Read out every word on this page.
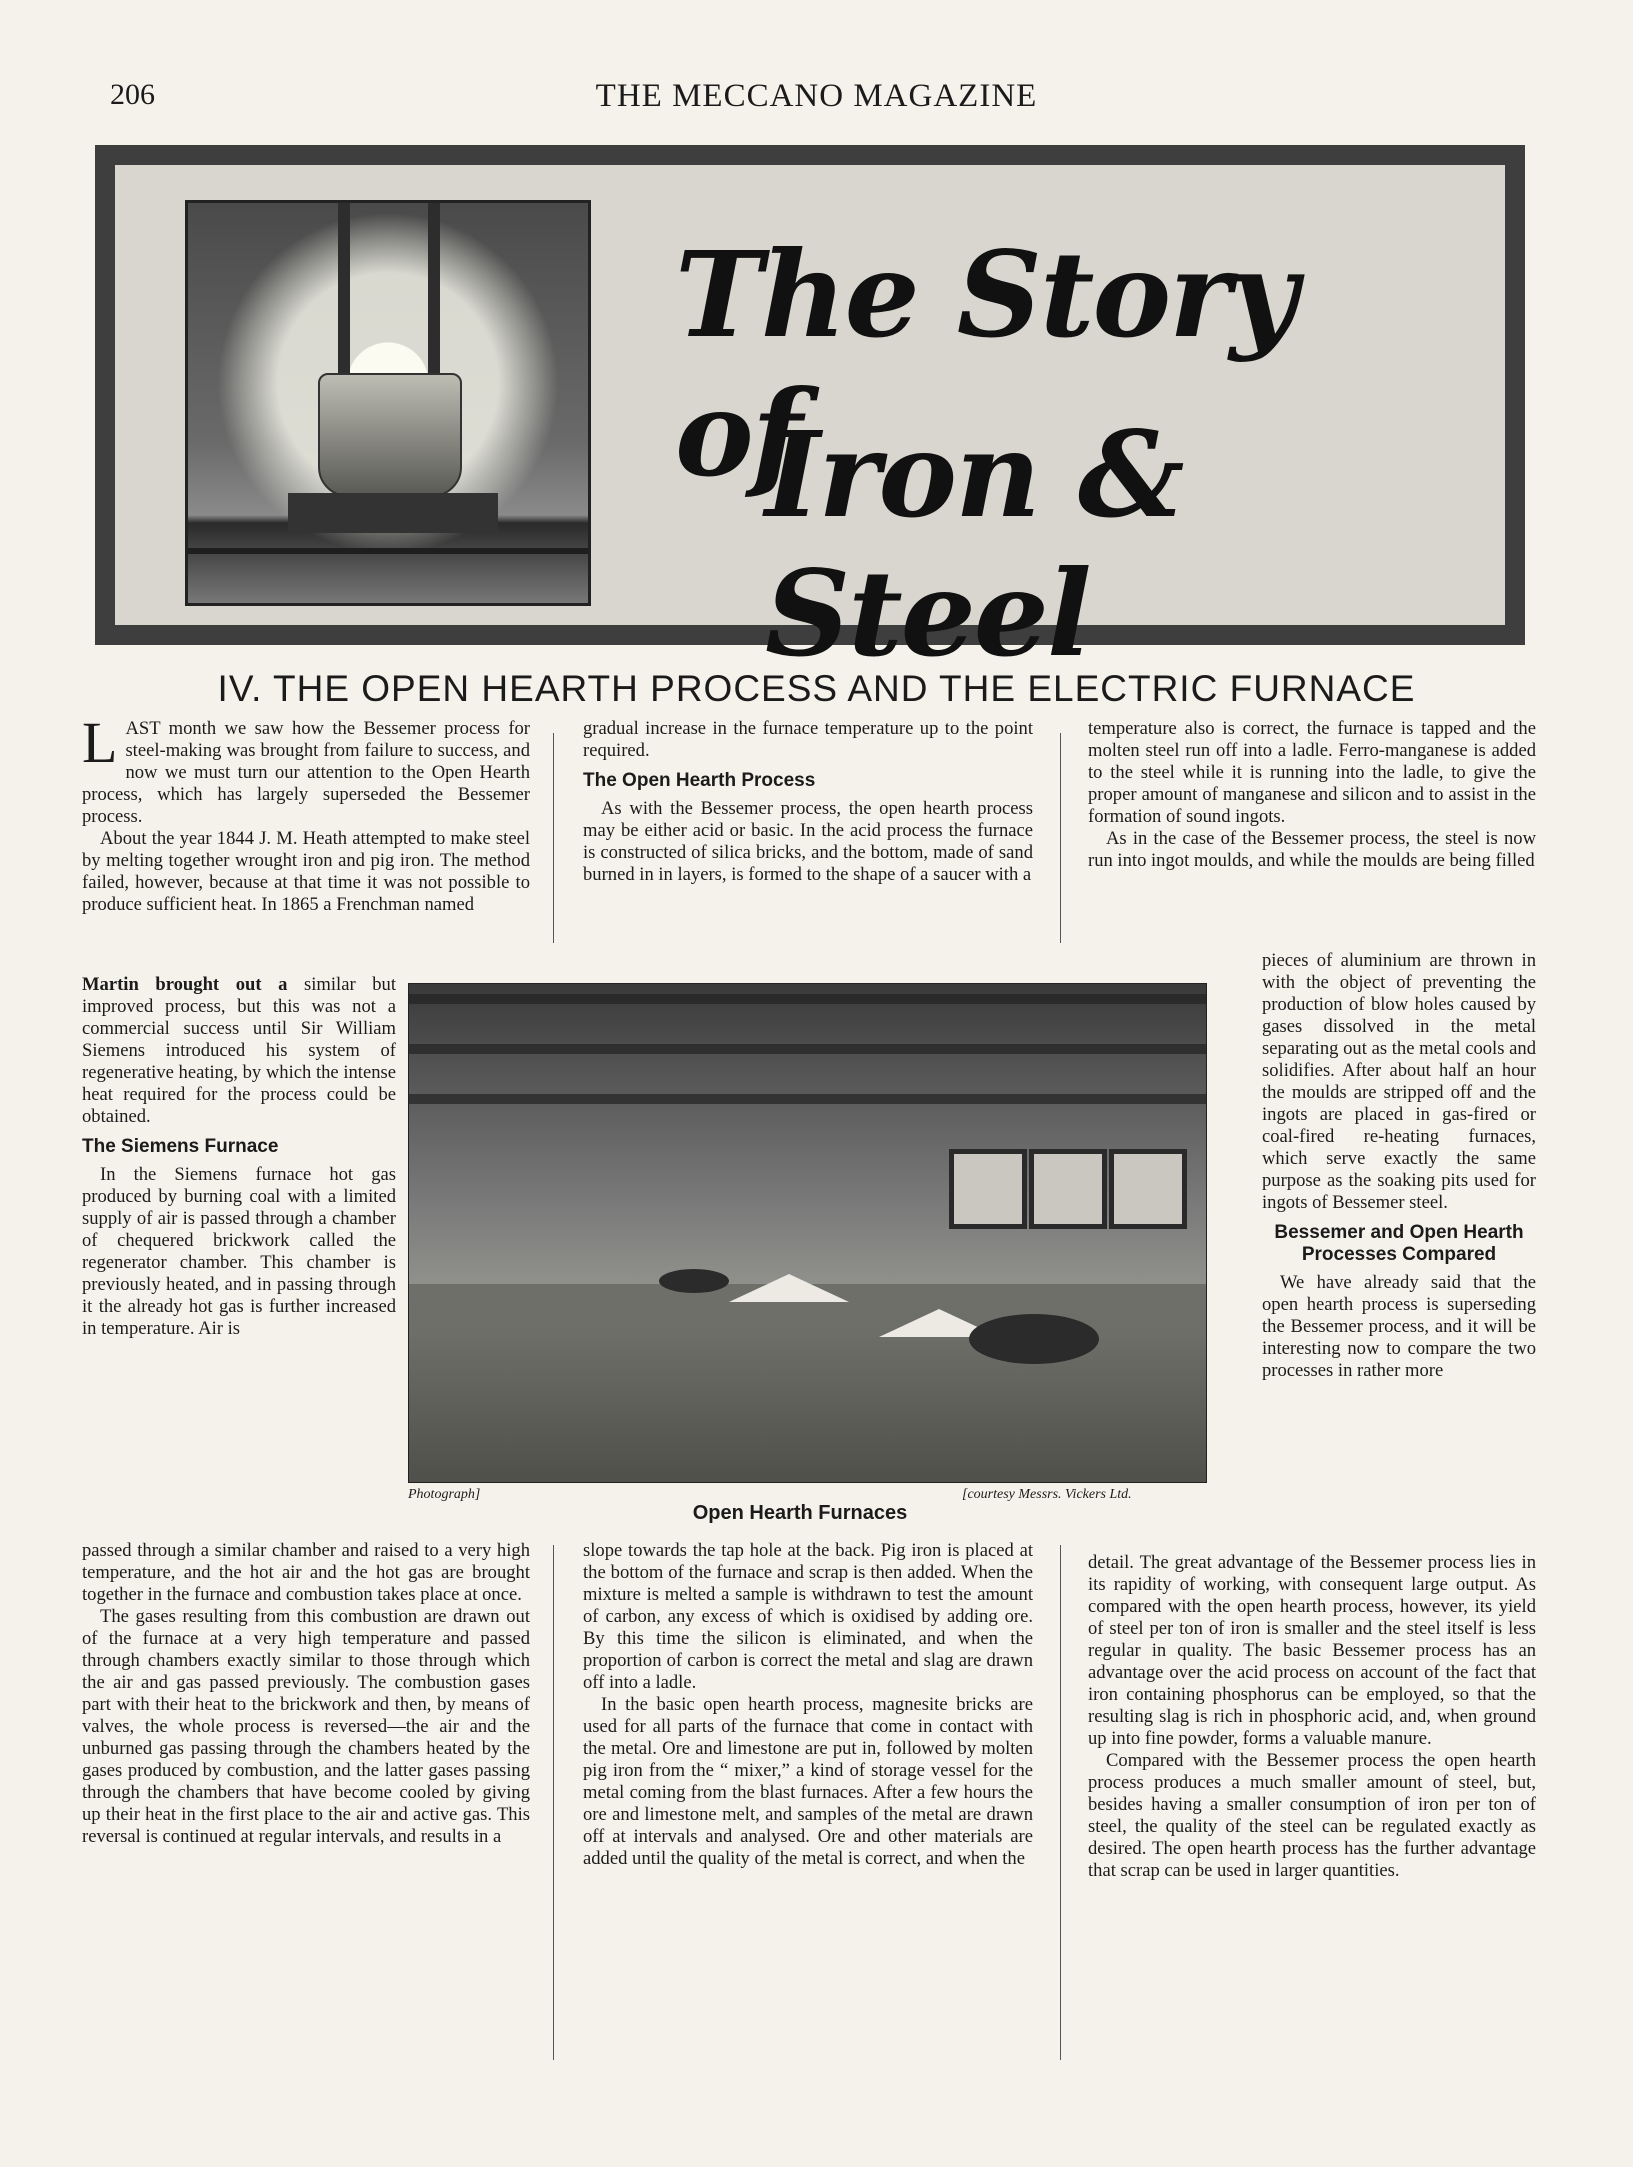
206	THE MECCANO MAGAZINE
The Story of
Iron & Steel
IV. THE OPEN HEARTH PROCESS AND THE ELECTRIC FURNACE

LAST month we saw how the Bessemer process for steel-making was brought from failure to success, and now we must turn our attention to the Open Hearth process, which has largely superseded the Bessemer process.

About the year 1844 J. M. Heath attempted to make steel by melting together wrought iron and pig iron. The method failed, however, because at that time it was not possible to produce sufficient heat. In 1865 a Frenchman named

Martin brought out a similar but improved process, but this was not a commercial success until Sir William Siemens introduced his system of regenerative heating, by which the intense heat required for the process could be obtained.

The Siemens Furnace

In the Siemens furnace hot gas produced by burning coal with a limited supply of air is passed through a chamber of chequered brickwork called the regenerator chamber. This chamber is previously heated, and in passing through it the already hot gas is further increased in temperature. Air is

passed through a similar chamber and raised to a very high temperature, and the hot air and the hot gas are brought together in the furnace and combustion takes place at once.

The gases resulting from this combustion are drawn out of the furnace at a very high temperature and passed through chambers exactly similar to those through which the air and gas passed previously. The combustion gases part with their heat to the brickwork and then, by means of valves, the whole process is reversed—the air and the unburned gas passing through the chambers heated by the gases produced by combustion, and the latter gases passing through the chambers that have become cooled by giving up their heat in the first place to the air and active gas. This reversal is continued at regular intervals, and results in a

gradual increase in the furnace temperature up to the point required.

The Open Hearth Process

As with the Bessemer process, the open hearth process may be either acid or basic. In the acid process the furnace is constructed of silica bricks, and the bottom, made of sand burned in in layers, is formed to the shape of a saucer with a

slope towards the tap hole at the back. Pig iron is placed at the bottom of the furnace and scrap is then added. When the mixture is melted a sample is withdrawn to test the amount of carbon, any excess of which is oxidised by adding ore. By this time the silicon is eliminated, and when the proportion of carbon is correct the metal and slag are drawn off into a ladle.

In the basic open hearth process, magnesite bricks are used for all parts of the furnace that come in contact with the metal. Ore and limestone are put in, followed by molten pig iron from the “ mixer,” a kind of storage vessel for the metal coming from the blast furnaces. After a few hours the ore and limestone melt, and samples of the metal are drawn off at intervals and analysed. Ore and other materials are added until the quality of the metal is correct, and when the

temperature also is correct, the furnace is tapped and the molten steel run off into a ladle. Ferro-manganese is added to the steel while it is running into the ladle, to give the proper amount of manganese and silicon and to assist in the formation of sound ingots.

As in the case of the Bessemer process, the steel is now run into ingot moulds, and while the moulds are being filled

pieces of aluminium are thrown in with the object of preventing the production of blow holes caused by gases dissolved in the metal separating out as the metal cools and solidifies. After about half an hour the moulds are stripped off and the ingots are placed in gas-fired or coal-fired re-heating furnaces, which serve exactly the same purpose as the soaking pits used for ingots of Bessemer steel.

Bessemer and Open Hearth Processes Compared

We have already said that the open hearth process is superseding the Bessemer process, and it will be interesting now to compare the two processes in rather more

detail. The great advantage of the Bessemer process lies in its rapidity of working, with consequent large output. As compared with the open hearth process, however, its yield of steel per ton of iron is smaller and the steel itself is less regular in quality. The basic Bessemer process has an advantage over the acid process on account of the fact that iron containing phosphorus can be employed, so that the resulting slag is rich in phosphoric acid, and, when ground up into fine powder, forms a valuable manure.

Compared with the Bessemer process the open hearth process produces a much smaller amount of steel, but, besides having a smaller consumption of iron per ton of steel, the quality of the steel can be regulated exactly as desired. The open hearth process has the further advantage that scrap can be used in larger quantities.

Photograph]	[courtesy Messrs. Vickers Ltd.
Open Hearth Furnaces
